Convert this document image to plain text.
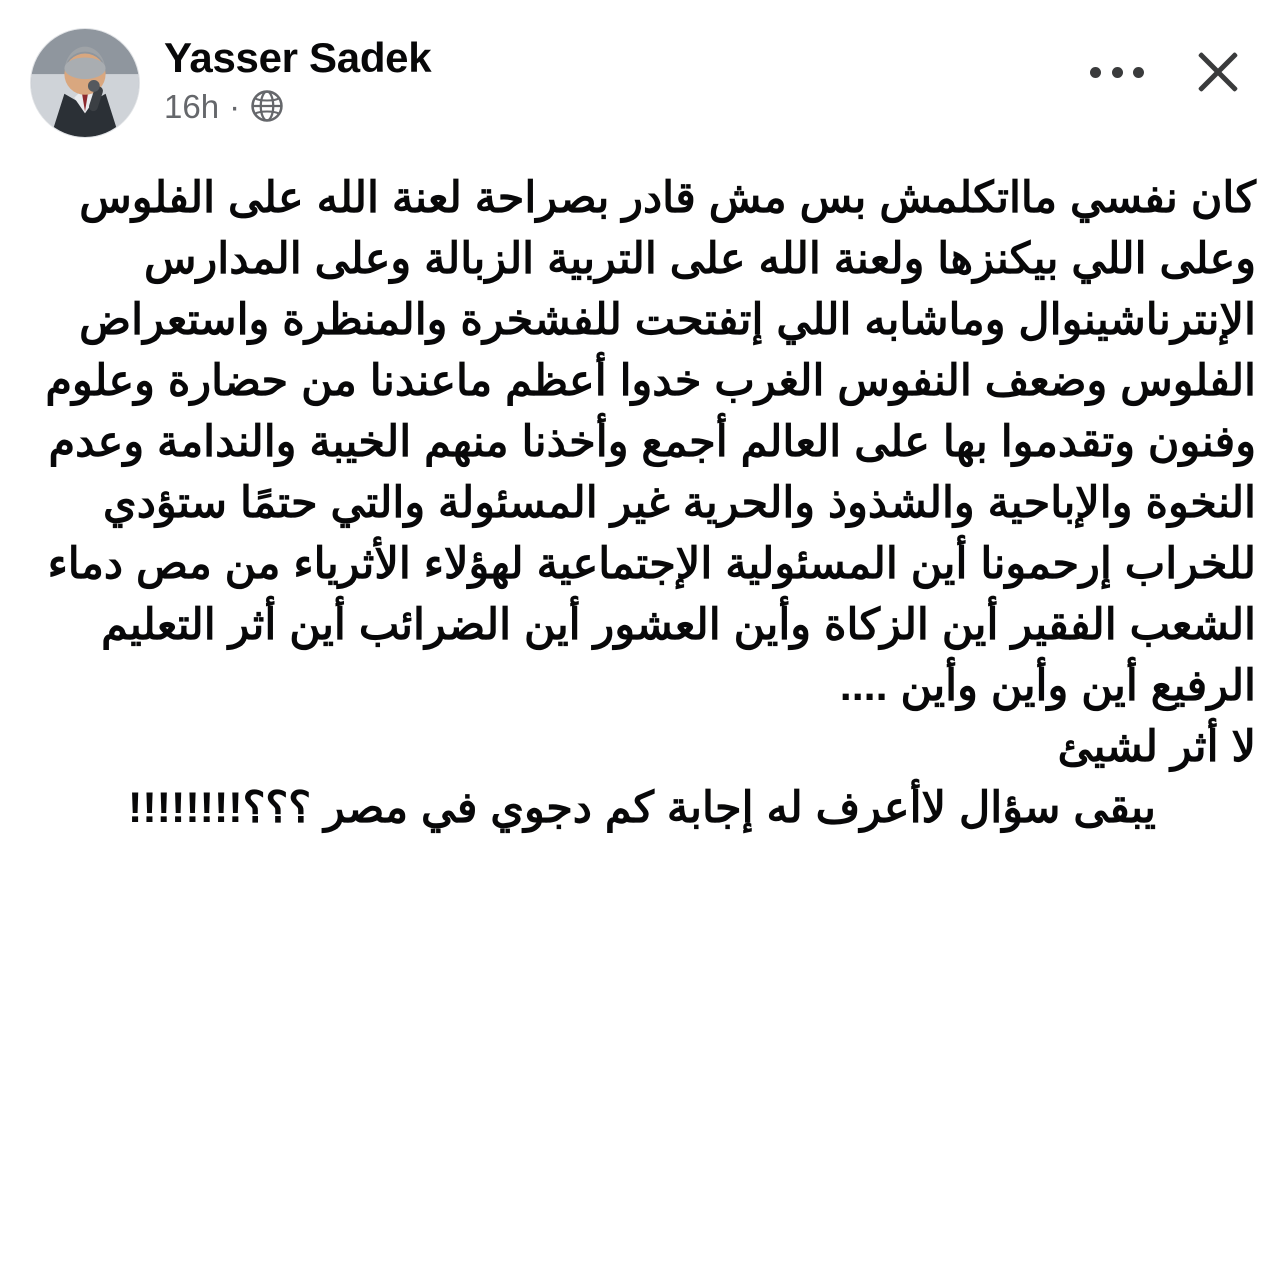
Yasser Sadek
16h ·

كان نفسي مااتكلمش بس مش قادر بصراحة لعنة الله على الفلوس وعلى اللي بيكنزها ولعنة الله على التربية الزبالة وعلى المدارس الإنترناشينوال وماشابه اللي إتفتحت للفشخرة والمنظرة واستعراض الفلوس وضعف النفوس الغرب خدوا أعظم ماعندنا من حضارة وعلوم وفنون وتقدموا بها على العالم أجمع وأخذنا منهم الخيبة والندامة وعدم النخوة والإباحية والشذوذ والحرية غير المسئولة والتي حتمًا ستؤدي للخراب إرحمونا أين المسئولية الإجتماعية لهؤلاء الأثرياء من مص دماء الشعب الفقير أين الزكاة وأين العشور أين الضرائب أين أثر التعليم الرفيع أين وأين وأين ....

لا أثر لشيئ

يبقى سؤال لاأعرف له إجابة كم دجوي في مصر ؟؟؟!!!!!!!!
